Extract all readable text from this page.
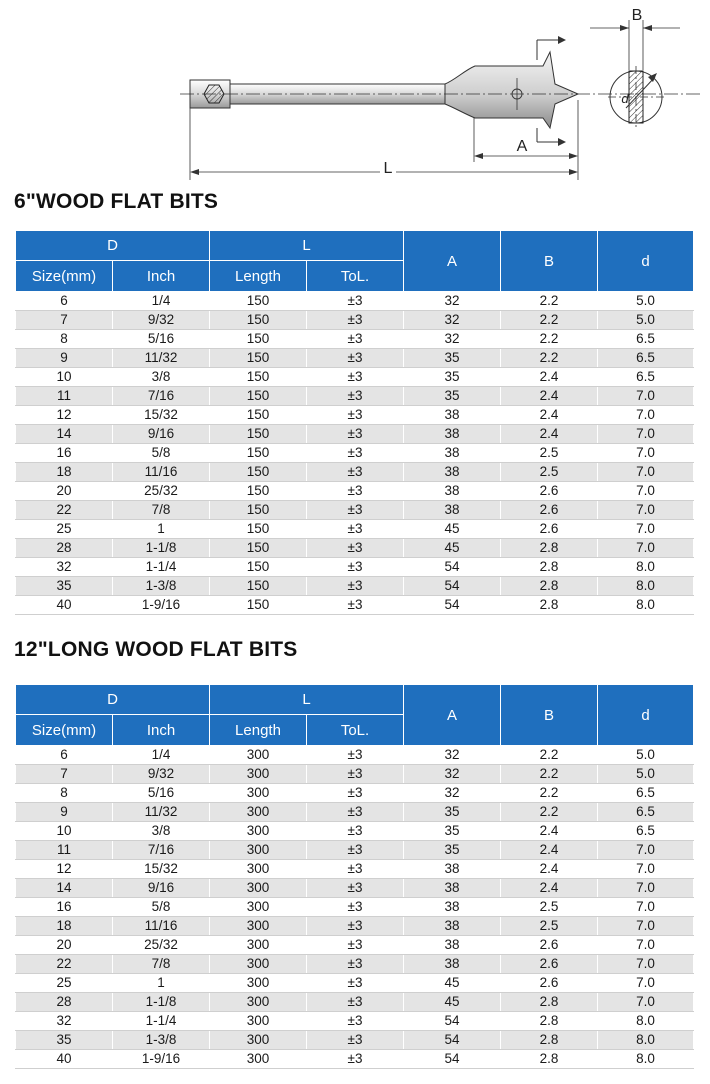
A
L
d
B
6"WOOD FLAT BITS
D		L		A	B	d
Size(mm)	Inch	Length	ToL.			
6	1/4	150	±3	32	2.2	5.0
7	9/32	150	±3	32	2.2	5.0
8	5/16	150	±3	32	2.2	6.5
9	11/32	150	±3	35	2.2	6.5
10	3/8	150	±3	35	2.4	6.5
11	7/16	150	±3	35	2.4	7.0
12	15/32	150	±3	38	2.4	7.0
14	9/16	150	±3	38	2.4	7.0
16	5/8	150	±3	38	2.5	7.0
18	11/16	150	±3	38	2.5	7.0
20	25/32	150	±3	38	2.6	7.0
22	7/8	150	±3	38	2.6	7.0
25	1	150	±3	45	2.6	7.0
28	1-1/8	150	±3	45	2.8	7.0
32	1-1/4	150	±3	54	2.8	8.0
35	1-3/8	150	±3	54	2.8	8.0
40	1-9/16	150	±3	54	2.8	8.0
12"LONG WOOD FLAT BITS
D		L		A	B	d
Size(mm)	Inch	Length	ToL.			
6	1/4	300	±3	32	2.2	5.0
7	9/32	300	±3	32	2.2	5.0
8	5/16	300	±3	32	2.2	6.5
9	11/32	300	±3	35	2.2	6.5
10	3/8	300	±3	35	2.4	6.5
11	7/16	300	±3	35	2.4	7.0
12	15/32	300	±3	38	2.4	7.0
14	9/16	300	±3	38	2.4	7.0
16	5/8	300	±3	38	2.5	7.0
18	11/16	300	±3	38	2.5	7.0
20	25/32	300	±3	38	2.6	7.0
22	7/8	300	±3	38	2.6	7.0
25	1	300	±3	45	2.6	7.0
28	1-1/8	300	±3	45	2.8	7.0
32	1-1/4	300	±3	54	2.8	8.0
35	1-3/8	300	±3	54	2.8	8.0
40	1-9/16	300	±3	54	2.8	8.0
